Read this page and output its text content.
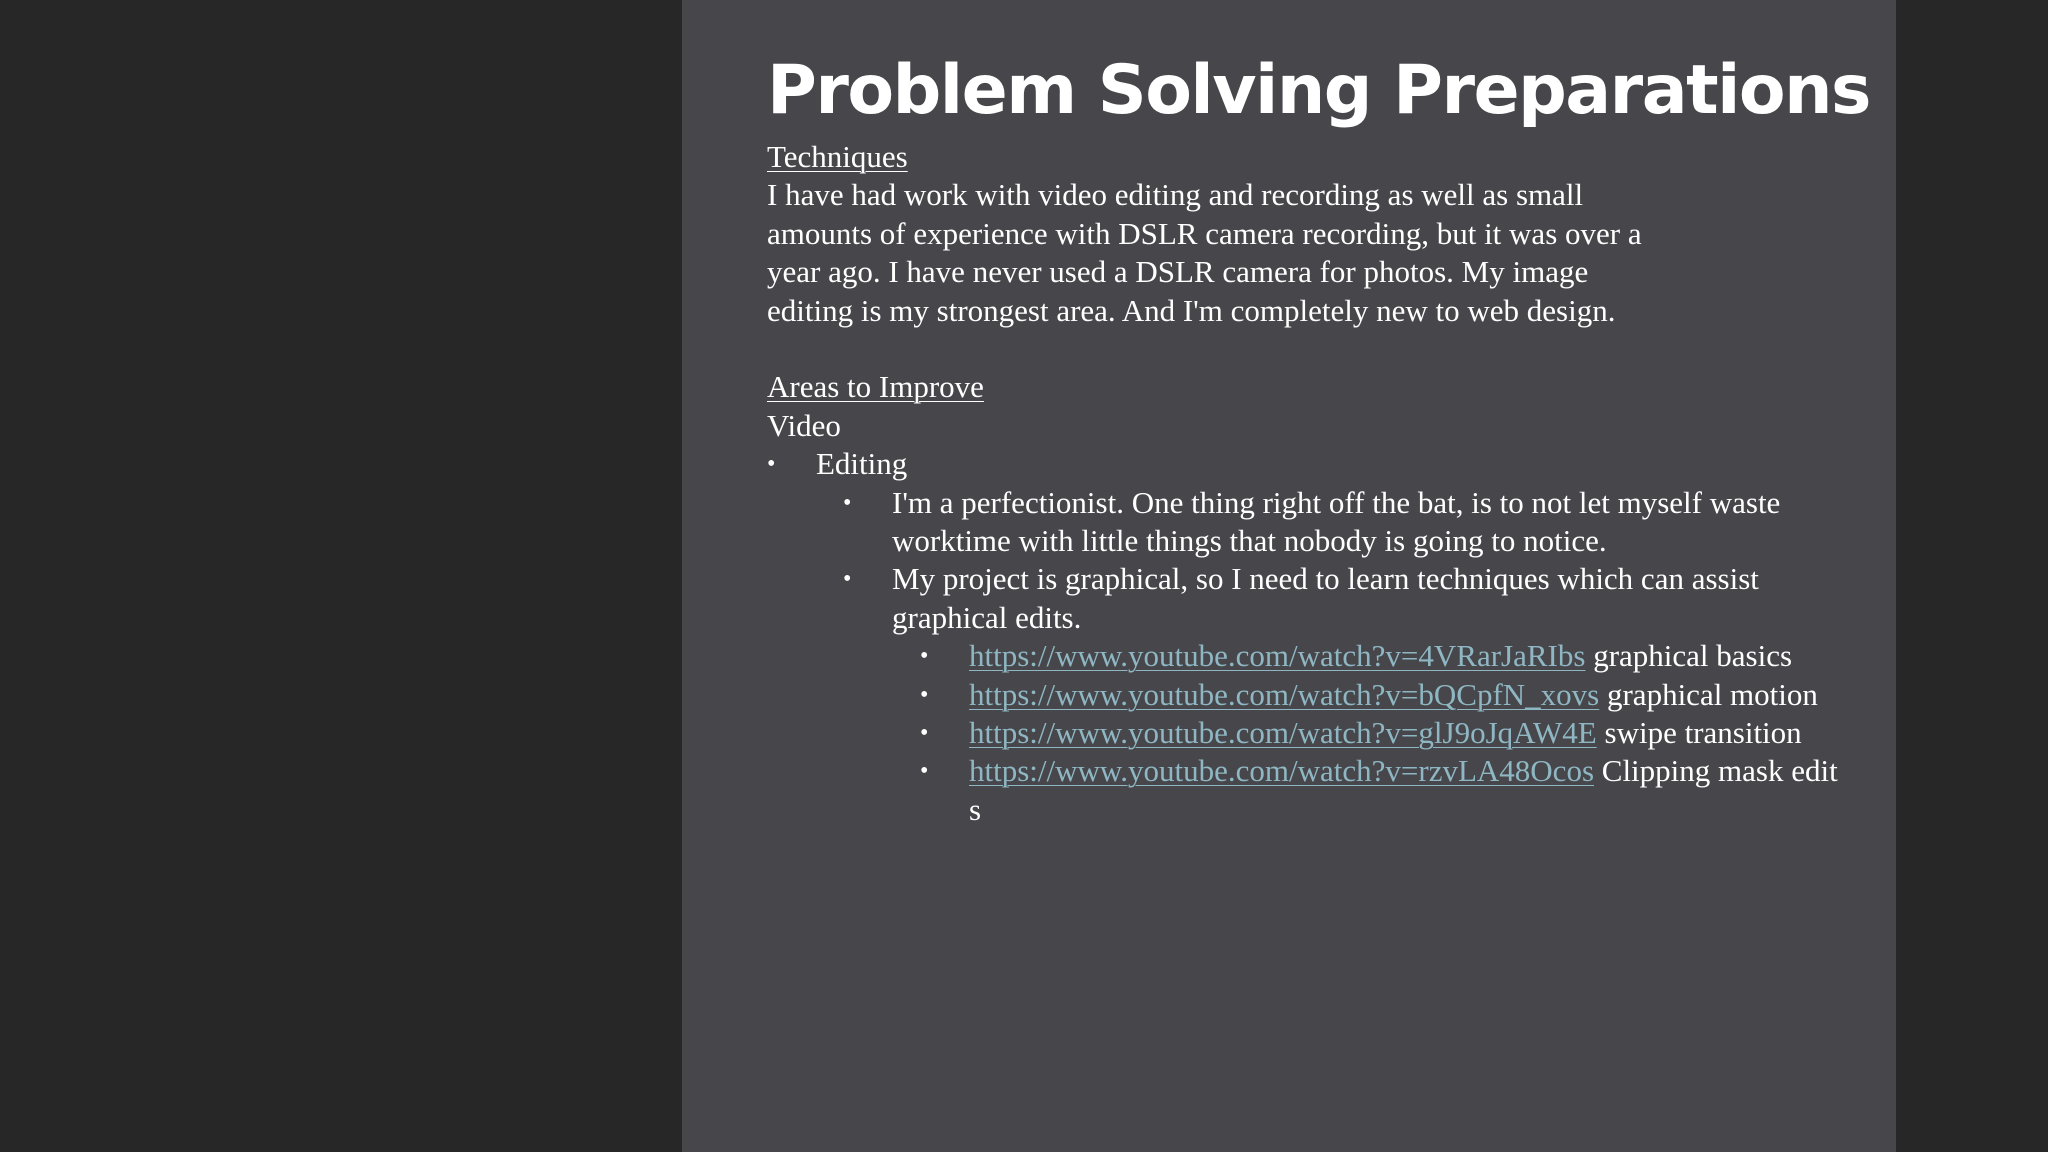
Problem Solving Preparations

Techniques

I have had work with video editing and recording as well as small

amounts of experience with DSLR camera recording, but it was over a

year ago. I have never used a DSLR camera for photos. My image

editing is my strongest area. And I'm completely new to web design.

Areas to Improve

Video

• Editing
• I'm a perfectionist. One thing right off the bat, is to not let myself waste worktime with little things that nobody is going to notice.
• My project is graphical, so I need to learn techniques which can assist graphical edits.
• https://www.youtube.com/watch?v=4VRarJaRIbs graphical basics
• https://www.youtube.com/watch?v=bQCpfN_xovs graphical motion
• https://www.youtube.com/watch?v=glJ9oJqAW4E swipe transition
• https://www.youtube.com/watch?v=rzvLA48Ocos Clipping mask edits
